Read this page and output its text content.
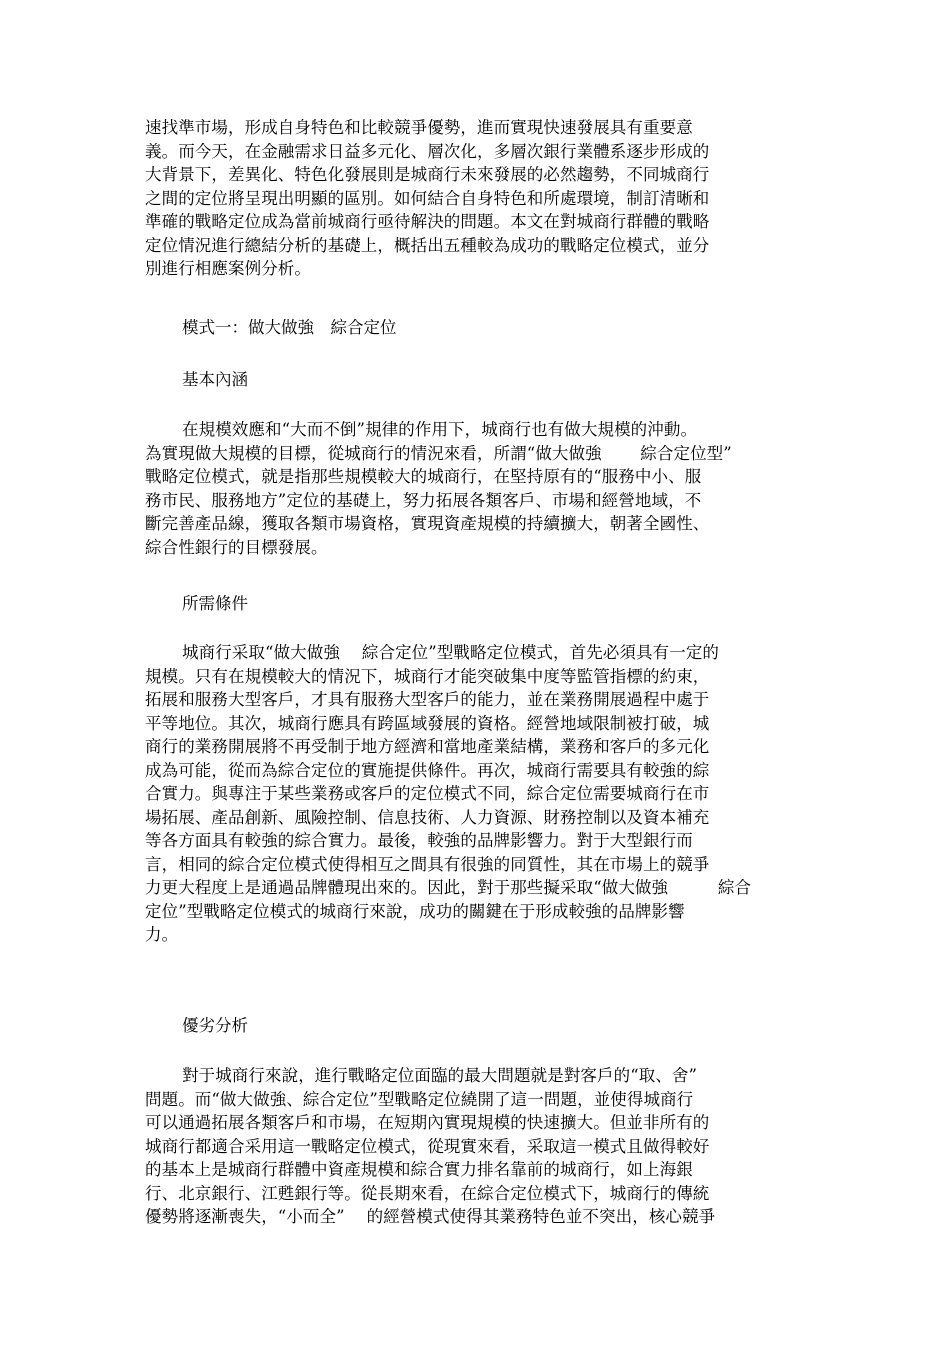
速找準市場，形成自身特色和比較競爭優勢，進而實現快速發展具有重要意
義。而今天，在金融需求日益多元化、層次化，多層次銀行業體系逐步形成的
大背景下，差異化、特色化發展則是城商行未來發展的必然趨勢，不同城商行
之間的定位將呈現出明顯的區別。如何結合自身特色和所處環境，制訂清晰和
準確的戰略定位成為當前城商行亟待解決的問題。本文在對城商行群體的戰略
定位情況進行總結分析的基礎上，概括出五種較為成功的戰略定位模式，並分
別進行相應案例分析。
模式一：做大做強　綜合定位
基本內涵
在規模效應和“大而不倒”規律的作用下，城商行也有做大規模的沖動。
為實現做大規模的目標，從城商行的情況來看，所謂“做大做強　　 綜合定位型”
戰略定位模式，就是指那些規模較大的城商行，在堅持原有的“服務中小、服
務市民、服務地方”定位的基礎上，努力拓展各類客戶、市場和經營地域，不
斷完善產品線，獲取各類市場資格，實現資產規模的持續擴大，朝著全國性、
綜合性銀行的目標發展。
所需條件
城商行采取“做大做強　 綜合定位”型戰略定位模式，首先必須具有一定的
規模。只有在規模較大的情況下，城商行才能突破集中度等監管指標的約束，
拓展和服務大型客戶，才具有服務大型客戶的能力，並在業務開展過程中處于
平等地位。其次，城商行應具有跨區域發展的資格。經營地域限制被打破，城
商行的業務開展將不再受制于地方經濟和當地產業結構，業務和客戶的多元化
成為可能，從而為綜合定位的實施提供條件。再次，城商行需要具有較強的綜
合實力。與專注于某些業務或客戶的定位模式不同，綜合定位需要城商行在市
場拓展、產品創新、風險控制、信息技術、人力資源、財務控制以及資本補充
等各方面具有較強的綜合實力。最後，較強的品牌影響力。對于大型銀行而
言，相同的綜合定位模式使得相互之間具有很強的同質性，其在市場上的競爭
力更大程度上是通過品牌體現出來的。因此，對于那些擬采取“做大做強　　　綜合
定位”型戰略定位模式的城商行來說，成功的關鍵在于形成較強的品牌影響
力。
優劣分析
對于城商行來說，進行戰略定位面臨的最大問題就是對客戶的“取、舍”
問題。而“做大做強、綜合定位”型戰略定位繞開了這一問題，並使得城商行
可以通過拓展各類客戶和市場，在短期內實現規模的快速擴大。但並非所有的
城商行都適合采用這一戰略定位模式，從現實來看，采取這一模式且做得較好
的基本上是城商行群體中資產規模和綜合實力排名靠前的城商行，如上海銀
行、北京銀行、江甦銀行等。從長期來看，在綜合定位模式下，城商行的傳統
優勢將逐漸喪失，“小而全”　 的經營模式使得其業務特色並不突出，核心競爭
